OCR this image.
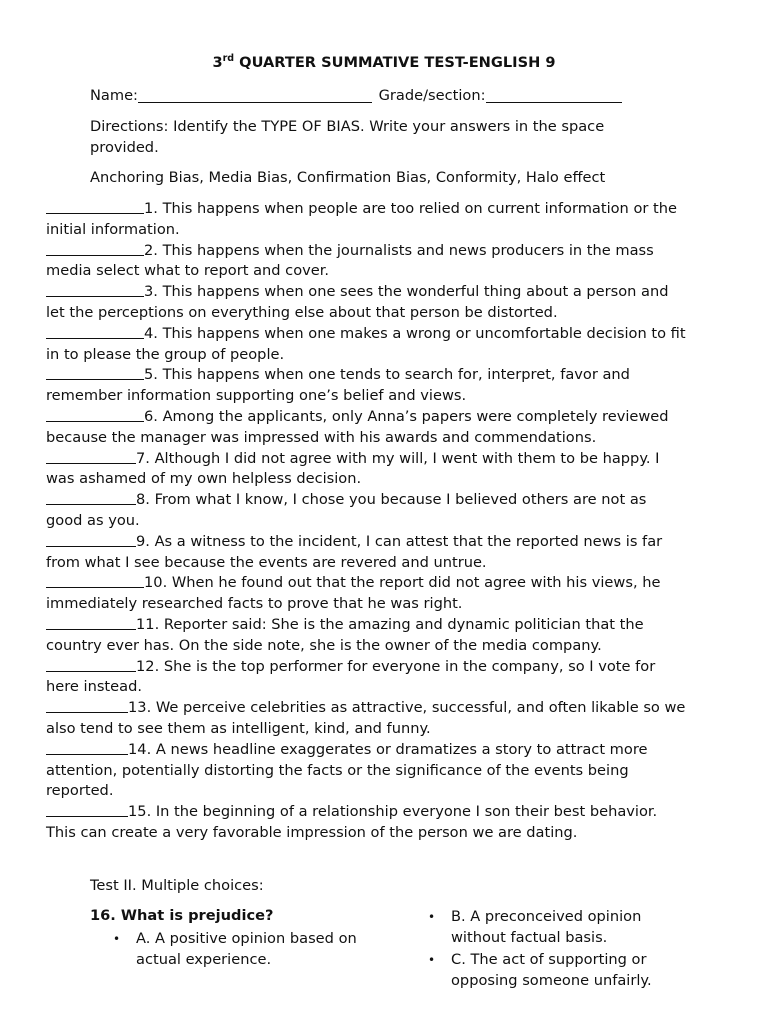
3rd QUARTER SUMMATIVE TEST-ENGLISH 9
Name:	Grade/section:
Directions: Identify the TYPE OF BIAS. Write your answers in the space provided.
Anchoring Bias, Media Bias, Confirmation Bias, Conformity, Halo effect

1. This happens when people are too relied on current information or the initial information.

2. This happens when the journalists and news producers in the mass media select what to report and cover.

3. This happens when one sees the wonderful thing about a person and let the perceptions on everything else about that person be distorted.

4. This happens when one makes a wrong or uncomfortable decision to fit in to please the group of people.

5. This happens when one tends to search for, interpret, favor and remember information supporting one’s belief and views.

6. Among the applicants, only Anna’s papers were completely reviewed because the manager was impressed with his awards and commendations.

7. Although I did not agree with my will, I went with them to be happy. I was ashamed of my own helpless decision.

8. From what I know, I chose you because I believed others are not as good as you.

9. As a witness to the incident, I can attest that the reported news is far from what I see because the events are revered and untrue.

10. When he found out that the report did not agree with his views, he immediately researched facts to prove that he was right.

11. Reporter said: She is the amazing and dynamic politician that the country ever has. On the side note, she is the owner of the media company.

12. She is the top performer for everyone in the company, so I vote for here instead.

13. We perceive celebrities as attractive, successful, and often likable so we also tend to see them as intelligent, kind, and funny.

14. A news headline exaggerates or dramatizes a story to attract more attention, potentially distorting the facts or the significance of the events being reported.

15. In the beginning of a relationship everyone I son their best behavior. This can create a very favorable impression of the person we are dating.

Test II. Multiple choices:
16. What is prejudice?
• A. A positive opinion based on actual experience.
• B. A preconceived opinion without factual basis.
• C. The act of supporting or opposing someone unfairly.
